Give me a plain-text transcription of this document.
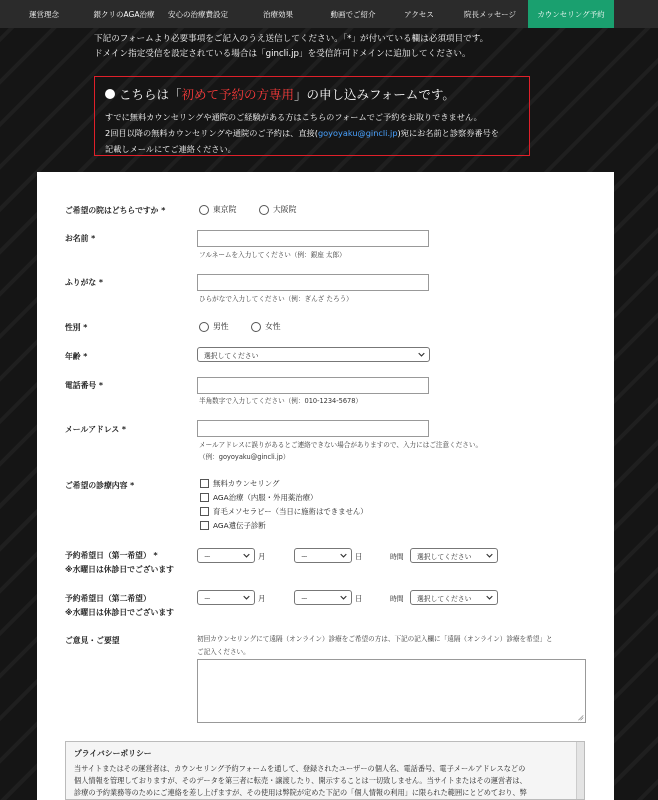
運営理念	銀クリのAGA治療	安心の治療費設定	治療効果	動画でご紹介	アクセス	院長メッセージ	カウンセリング予約
下記のフォームより必要事項をご記入のうえ送信してください。「*」が付いている欄は必須項目です。
ドメイン指定受信を設定されている場合は「gincli.jp」を受信許可ドメインに追加してください。
こちらは「 初めて予約の方専用 」の申し込みフォームです。
すでに無料カウンセリングや通院のご経験がある方はこちらのフォームでご予約をお取りできません。
2回目以降の無料カウンセリングや通院のご予約は、直接(goyoyaku@gincli.jp)宛にお名前と診察券番号を
記載しメールにてご連絡ください。
ご希望の院はどちらですか *	東京院	大阪院
お名前 *
フルネームを入力してください（例：銀座 太郎）
ふりがな *
ひらがなで入力してください（例：ぎんざ たろう）
性別 *	男性	女性
年齢 *	選択してください
電話番号 *
半角数字で入力してください（例：010-1234-5678）
メールアドレス *
メールアドレスに誤りがあるとご連絡できない場合がありますので、入力にはご注意ください。
（例：goyoyaku@gincli.jp）
ご希望の診療内容 *	無料カウンセリング
AGA治療（内服・外用薬治療）
育毛メソセラピー（当日に施術はできません）
AGA遺伝子診断
予約希望日（第一希望） *
※水曜日は休診日でございます
ー	月	ー	日	時間 選択してください
予約希望日（第二希望）
※水曜日は休診日でございます
ー	月	ー	日	時間 選択してください
ご意見・ご要望	初回カウンセリングにて遠隔（オンライン）診療をご希望の方は、下記の記入欄に「遠隔（オンライン）診療を希望」と
ご記入ください。
プライバシーポリシー
当サイトまたはその運営者は、カウンセリング予約フォームを通して、登録されたユーザーの個人名、電話番号、電子メールアドレスなどの
個人情報を管理しておりますが、そのデータを第三者に転売・譲渡したり、開示することは一切致しません。当サイトまたはその運営者は、
診療の予約業務等のためにご連絡を差し上げますが、その使用は弊院が定めた下記の「個人情報の利用」に限られた範囲にとどめており、弊
